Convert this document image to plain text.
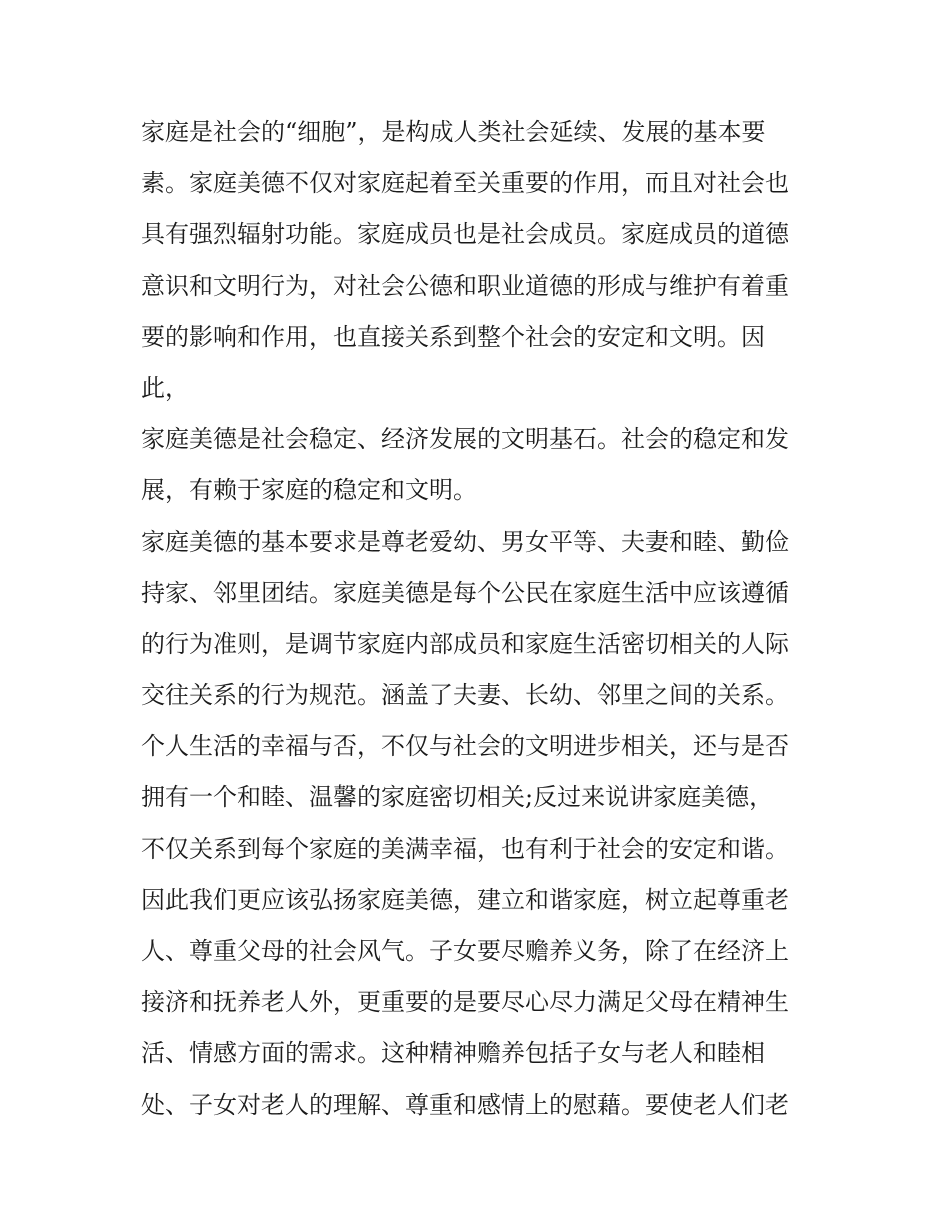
家庭是社会的“细胞”，是构成人类社会延续、发展的基本要
素。家庭美德不仅对家庭起着至关重要的作用，而且对社会也
具有强烈辐射功能。家庭成员也是社会成员。家庭成员的道德
意识和文明行为，对社会公德和职业道德的形成与维护有着重
要的影响和作用，也直接关系到整个社会的安定和文明。因
此，
家庭美德是社会稳定、经济发展的文明基石。社会的稳定和发
展，有赖于家庭的稳定和文明。
家庭美德的基本要求是尊老爱幼、男女平等、夫妻和睦、勤俭
持家、邻里团结。家庭美德是每个公民在家庭生活中应该遵循
的行为准则，是调节家庭内部成员和家庭生活密切相关的人际
交往关系的行为规范。涵盖了夫妻、长幼、邻里之间的关系。
个人生活的幸福与否，不仅与社会的文明进步相关，还与是否
拥有一个和睦、温馨的家庭密切相关;反过来说讲家庭美德，
不仅关系到每个家庭的美满幸福，也有利于社会的安定和谐。
因此我们更应该弘扬家庭美德，建立和谐家庭，树立起尊重老
人、尊重父母的社会风气。子女要尽赡养义务，除了在经济上
接济和抚养老人外，更重要的是要尽心尽力满足父母在精神生
活、情感方面的需求。这种精神赡养包括子女与老人和睦相
处、子女对老人的理解、尊重和感情上的慰藉。要使老人们老
